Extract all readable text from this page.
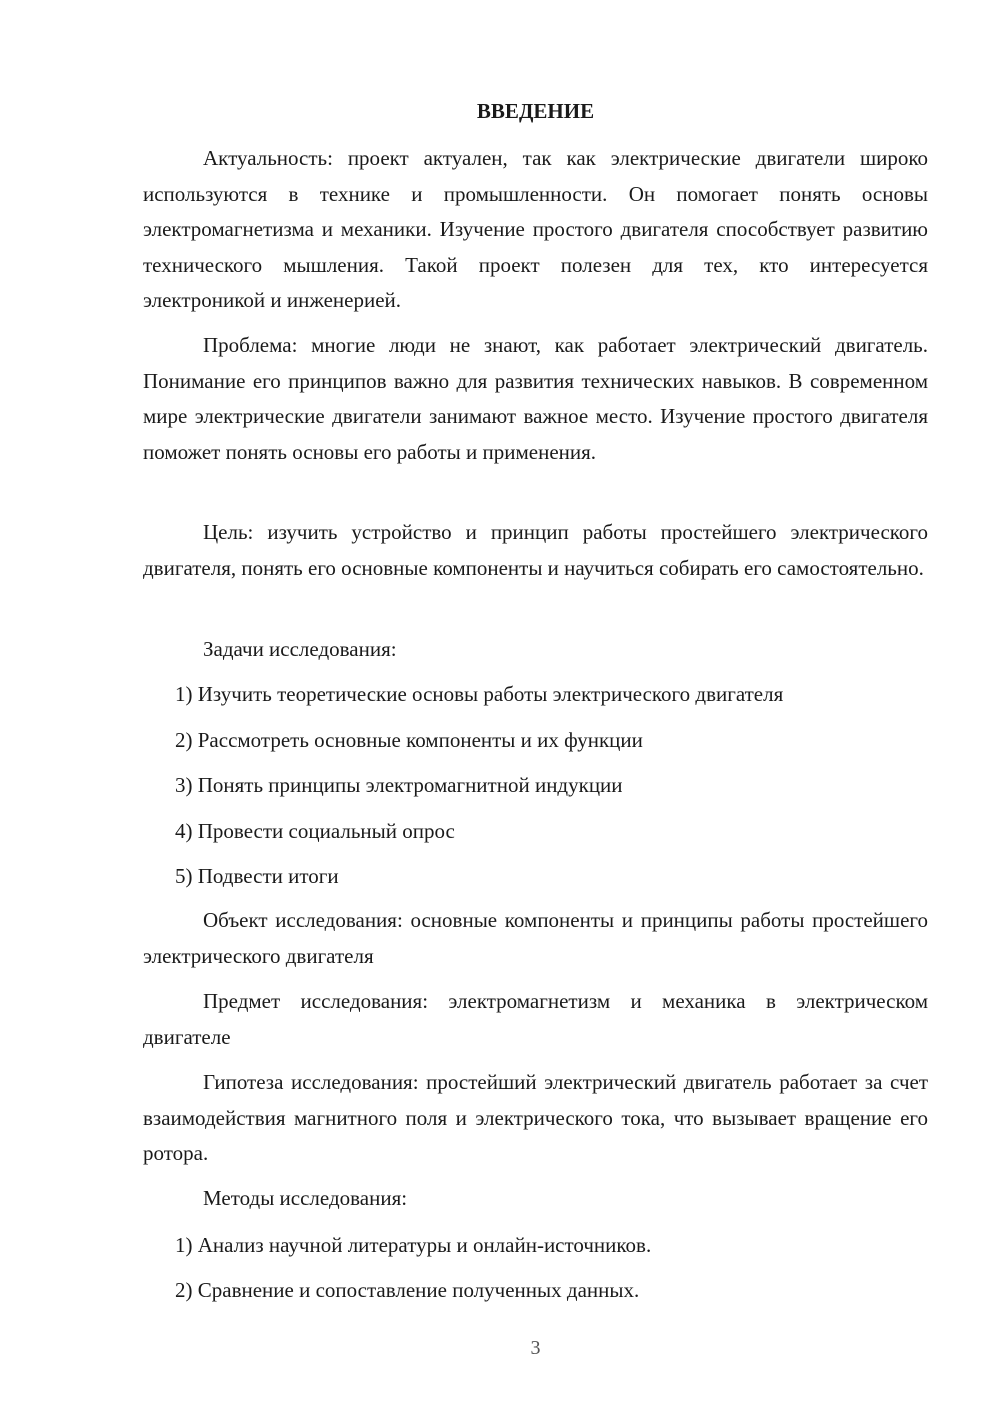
ВВЕДЕНИЕ

Актуальность: проект актуален, так как электрические двигатели широко используются в технике и промышленности. Он помогает понять основы электромагнетизма и механики. Изучение простого двигателя способствует развитию технического мышления. Такой проект полезен для тех, кто интересуется электроникой и инженерией.

Проблема: многие люди не знают, как работает электрический двигатель. Понимание его принципов важно для развития технических навыков. В современном мире электрические двигатели занимают важное место. Изучение простого двигателя поможет понять основы его работы и применения.

Цель: изучить устройство и принцип работы простейшего электрического двигателя, понять его основные компоненты и научиться собирать его самостоятельно.

Задачи исследования:

1) Изучить теоретические основы работы электрического двигателя
2) Рассмотреть основные компоненты и их функции
3) Понять принципы электромагнитной индукции
4) Провести социальный опрос
5) Подвести итоги

Объект исследования: основные компоненты и принципы работы простейшего электрического двигателя

Предмет исследования: электромагнетизм и механика в электрическом двигателе

Гипотеза исследования: простейший электрический двигатель работает за счет взаимодействия магнитного поля и электрического тока, что вызывает вращение его ротора.

Методы исследования:

1) Анализ научной литературы и онлайн-источников.
2) Сравнение и сопоставление полученных данных.
3
